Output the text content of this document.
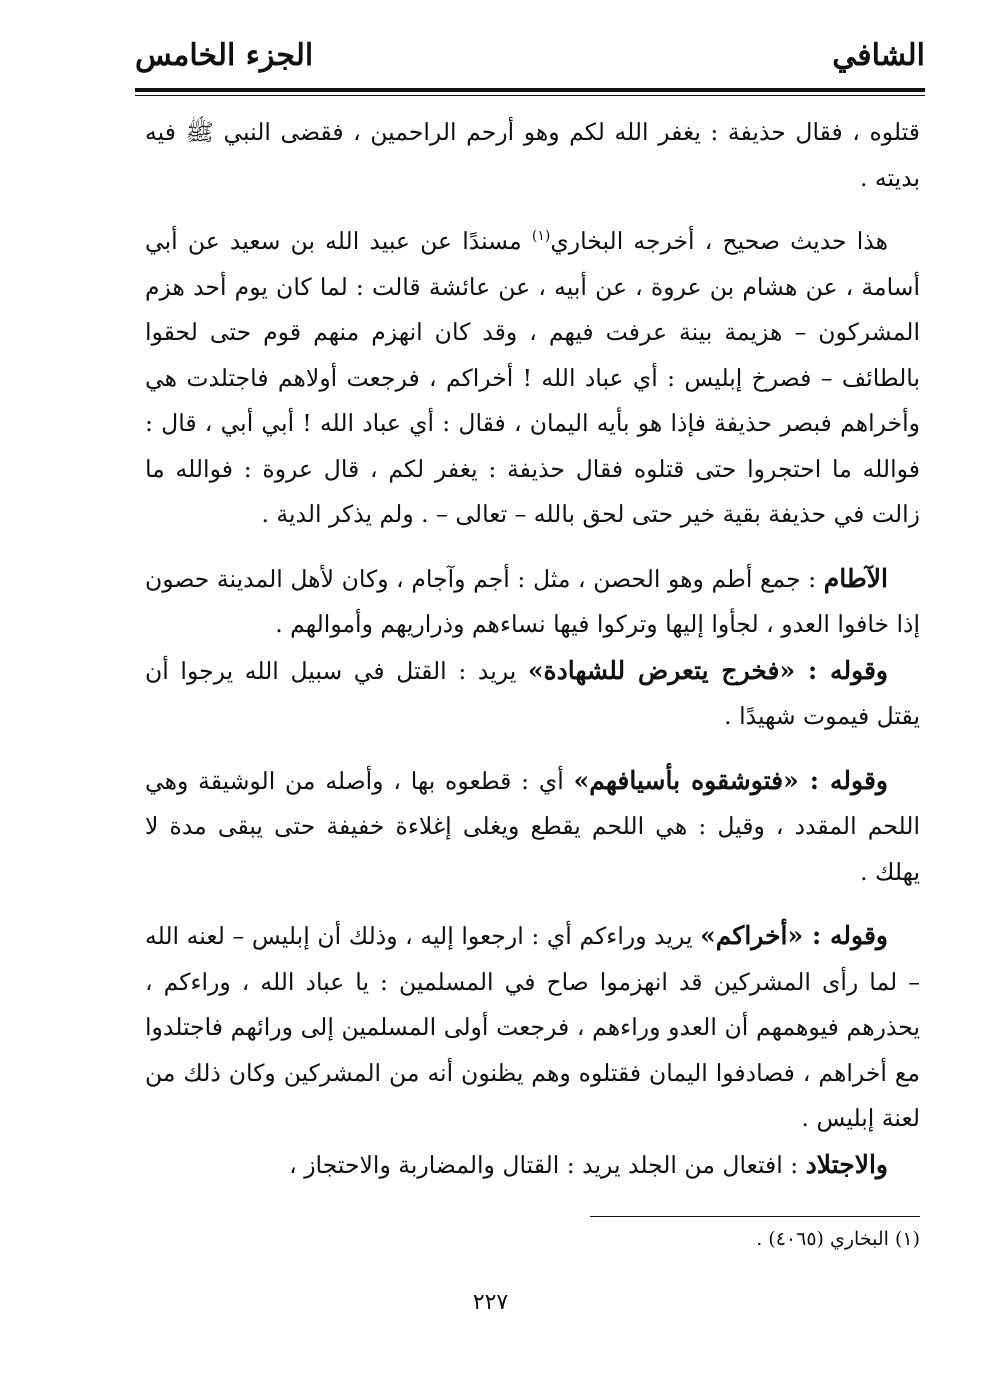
الشافي
الجزء الخامس

قتلوه ، فقال حذيفة : يغفر الله لكم وهو أرحم الراحمين ، فقضى النبي ﷺ فيه بديته .

هذا حديث صحيح ، أخرجه البخاري$^{(١)}$ مسندًا عن عبيد الله بن سعيد عن أبي أسامة ، عن هشام بن عروة ، عن أبيه ، عن عائشة قالت : لما كان يوم أحد هزم المشركون – هزيمة بينة عرفت فيهم ، وقد كان انهزم منهم قوم حتى لحقوا بالطائف – فصرخ إبليس : أي عباد الله ! أخراكم ، فرجعت أولاهم فاجتلدت هي وأخراهم فبصر حذيفة فإذا هو بأيه اليمان ، فقال : أي عباد الله ! أبي أبي ، قال : فوالله ما احتجروا حتى قتلوه فقال حذيفة : يغفر لكم ، قال عروة : فوالله ما زالت في حذيفة بقية خير حتى لحق بالله – تعالى – . ولم يذكر الدية .

الآطام : جمع أطم وهو الحصن ، مثل : أجم وآجام ، وكان لأهل المدينة حصون إذا خافوا العدو ، لجأوا إليها وتركوا فيها نساءهم وذراريهم وأموالهم .

وقوله : «فخرج يتعرض للشهادة» يريد : القتل في سبيل الله يرجوا أن يقتل فيموت شهيدًا .

وقوله : «فتوشقوه بأسيافهم» أي : قطعوه بها ، وأصله من الوشيقة وهي اللحم المقدد ، وقيل : هي اللحم يقطع ويغلى إغلاءة خفيفة حتى يبقى مدة لا يهلك .

وقوله : «أخراكم» يريد وراءكم أي : ارجعوا إليه ، وذلك أن إبليس – لعنه الله – لما رأى المشركين قد انهزموا صاح في المسلمين : يا عباد الله ، وراءكم ، يحذرهم فيوهمهم أن العدو وراءهم ، فرجعت أولى المسلمين إلى ورائهم فاجتلدوا مع أخراهم ، فصادفوا اليمان فقتلوه وهم يظنون أنه من المشركين وكان ذلك من لعنة إبليس .

والاجتلاد : افتعال من الجلد يريد : القتال والمضاربة والاحتجاز ،

(١) البخاري (٤٠٦٥) .
٢٢٧
